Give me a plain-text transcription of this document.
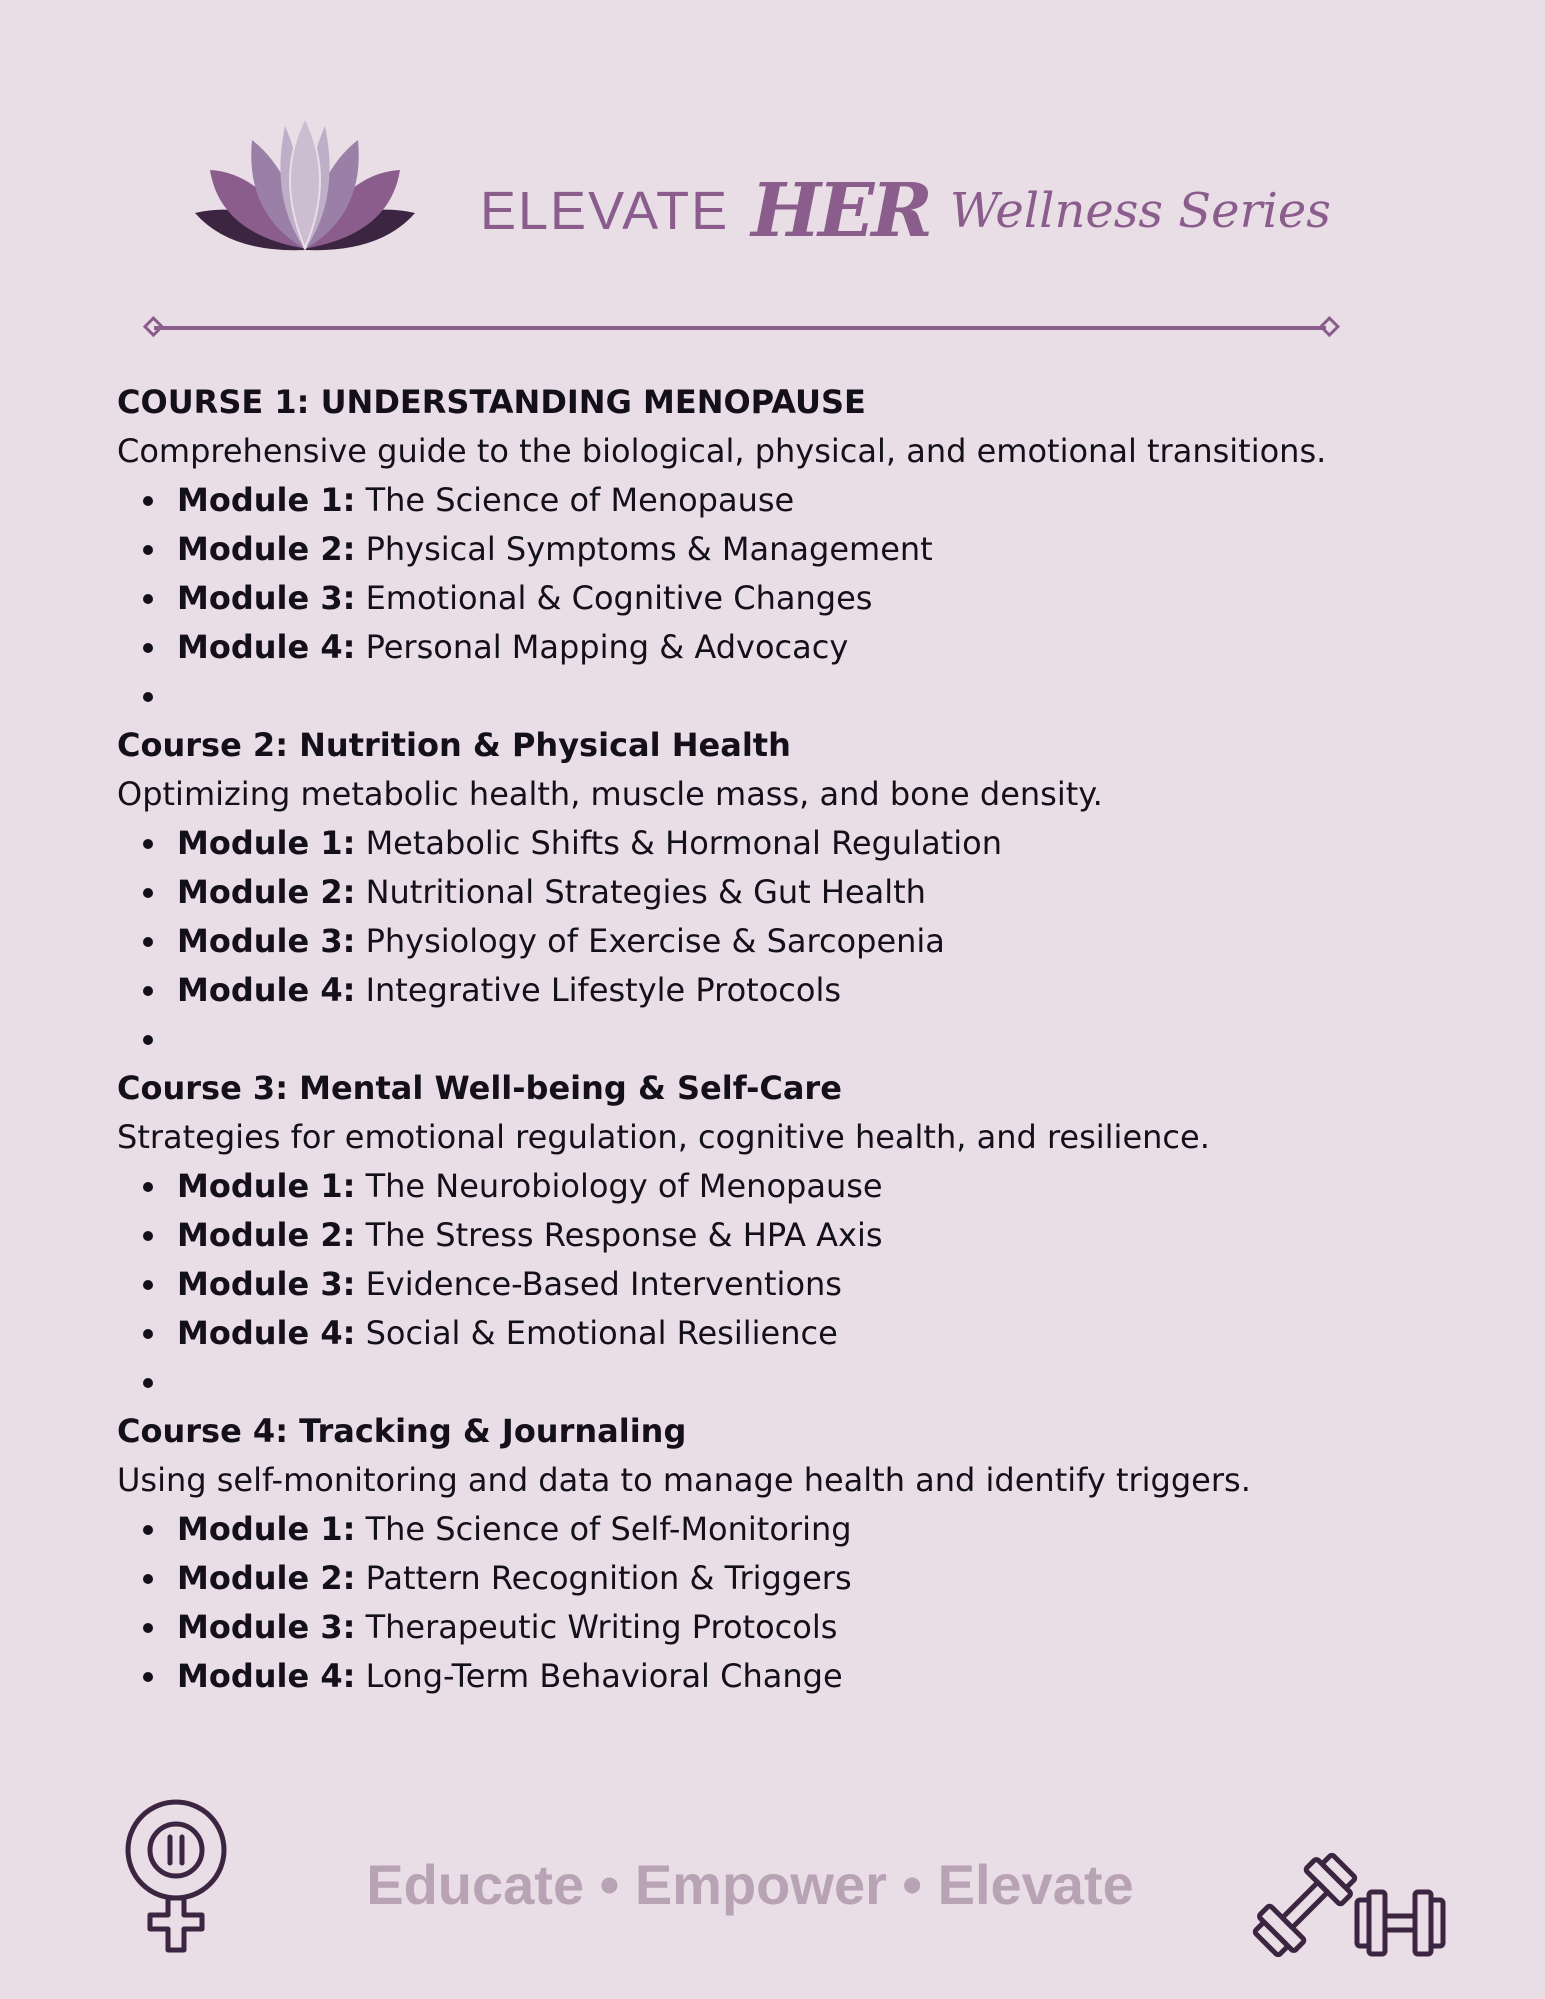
ELEVATE HER Wellness Series

COURSE 1: UNDERSTANDING MENOPAUSE

Comprehensive guide to the biological, physical, and emotional transitions.

Module 1: The Science of Menopause
Module 2: Physical Symptoms & Management
Module 3: Emotional & Cognitive Changes
Module 4: Personal Mapping & Advocacy

Course 2: Nutrition & Physical Health

Optimizing metabolic health, muscle mass, and bone density.

Module 1: Metabolic Shifts & Hormonal Regulation
Module 2: Nutritional Strategies & Gut Health
Module 3: Physiology of Exercise & Sarcopenia
Module 4: Integrative Lifestyle Protocols

Course 3: Mental Well-being & Self-Care

Strategies for emotional regulation, cognitive health, and resilience.

Module 1: The Neurobiology of Menopause
Module 2: The Stress Response & HPA Axis
Module 3: Evidence-Based Interventions
Module 4: Social & Emotional Resilience

Course 4: Tracking & Journaling

Using self-monitoring and data to manage health and identify triggers.

Module 1: The Science of Self-Monitoring
Module 2: Pattern Recognition & Triggers
Module 3: Therapeutic Writing Protocols
Module 4: Long-Term Behavioral Change

Educate • Empower • Elevate
